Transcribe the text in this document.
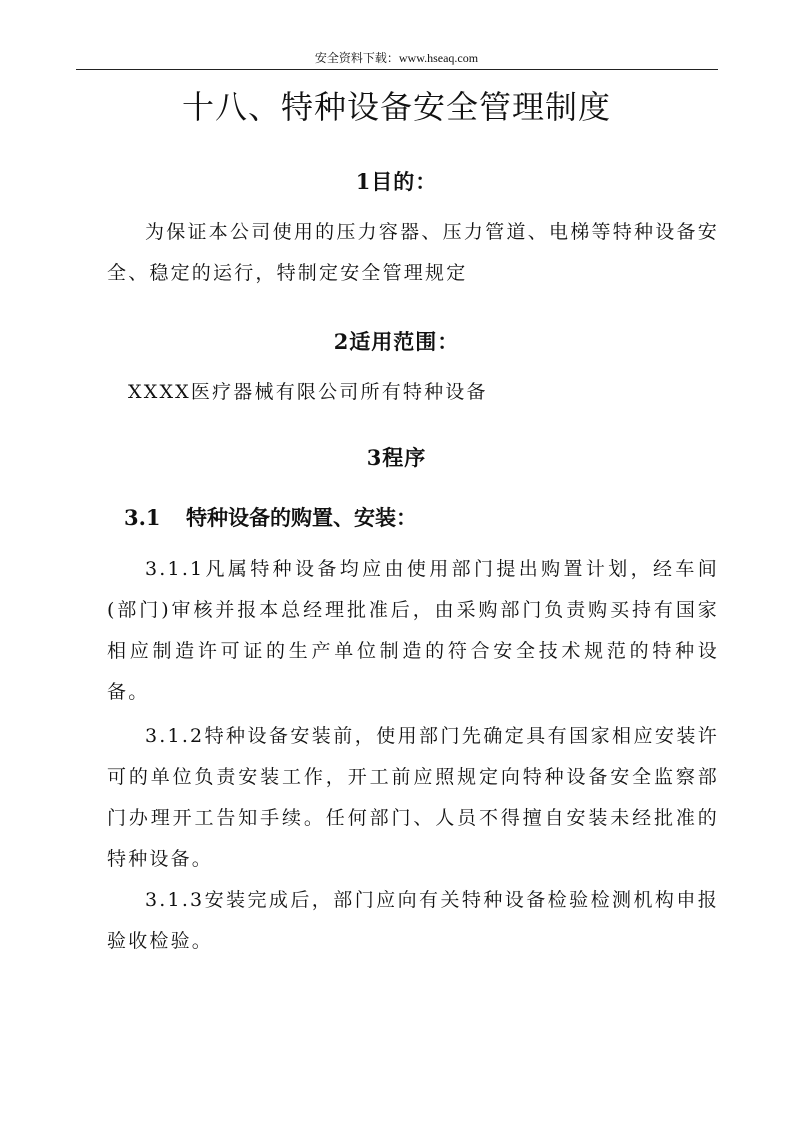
安全资料下载：www.hseaq.com
十八、特种设备安全管理制度
1目的：
为保证本公司使用的压力容器、压力管道、电梯等特种设备安全、稳定的运行，特制定安全管理规定
2适用范围：
XXXX医疗器械有限公司所有特种设备
3程序
3.1 特种设备的购置、安装：
3.1.1凡属特种设备均应由使用部门提出购置计划，经车间(部门)审核并报本总经理批准后，由采购部门负责购买持有国家相应制造许可证的生产单位制造的符合安全技术规范的特种设备。
3.1.2特种设备安装前，使用部门先确定具有国家相应安装许可的单位负责安装工作，开工前应照规定向特种设备安全监察部门办理开工告知手续。任何部门、人员不得擅自安装未经批准的特种设备。
3.1.3安装完成后，部门应向有关特种设备检验检测机构申报验收检验。
